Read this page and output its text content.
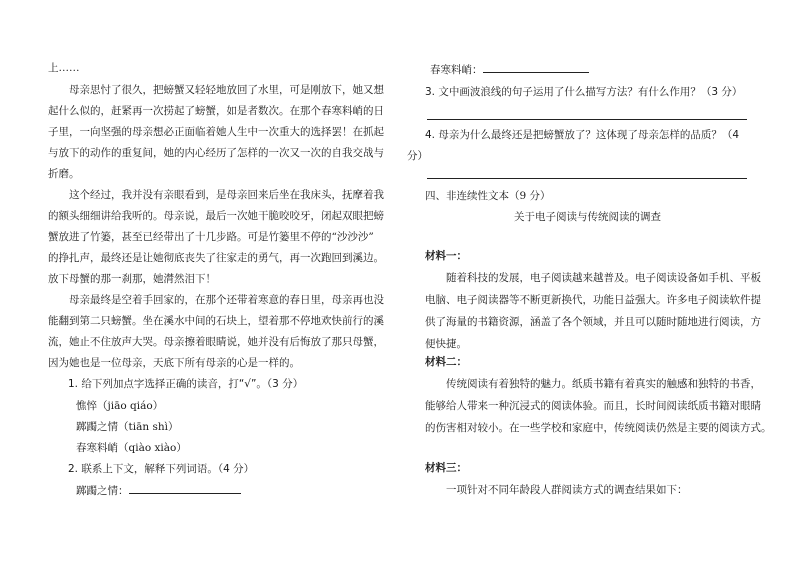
上……
母亲思忖了很久，把螃蟹又轻轻地放回了水里，可是刚放下，她又想
起什么似的，赶紧再一次捞起了螃蟹，如是者数次。在那个春寒料峭的日
子里，一向坚强的母亲想必正面临着她人生中一次重大的选择罢！在抓起
与放下的动作的重复间，她的内心经历了怎样的一次又一次的自我交战与
折磨。
这个经过，我并没有亲眼看到，是母亲回来后坐在我床头，抚摩着我
的额头细细讲给我听的。母亲说，最后一次她干脆咬咬牙，闭起双眼把螃
蟹放进了竹篓，甚至已经带出了十几步路。可是竹篓里不停的“沙沙沙”
的挣扎声，最终还是让她彻底丧失了往家走的勇气，再一次跑回到溪边。
放下母蟹的那一刹那，她潸然泪下！
母亲最终是空着手回家的，在那个还带着寒意的春日里，母亲再也没
能翻到第二只螃蟹。坐在溪水中间的石块上，望着那不停地欢快前行的溪
流，她止不住放声大哭。母亲擦着眼睛说，她并没有后悔放了那只母蟹，
因为她也是一位母亲，天底下所有母亲的心是一样的。
1. 给下列加点字选择正确的读音，打“√”。（3 分）
憔悴（jiāo qiáo）
踯躅之情（tiān shì）
春寒料峭（qiào xiào）
2. 联系上下文，解释下列词语。（4 分）
踯躅之情：
春寒料峭：
3. 文中画波浪线的句子运用了什么描写方法？有什么作用？（3 分）
4. 母亲为什么最终还是把螃蟹放了？这体现了母亲怎样的品质？（4
分）
四、非连续性文本（9 分）
关于电子阅读与传统阅读的调查
材料一：
随着科技的发展，电子阅读越来越普及。电子阅读设备如手机、平板
电脑、电子阅读器等不断更新换代，功能日益强大。许多电子阅读软件提
供了海量的书籍资源，涵盖了各个领域，并且可以随时随地进行阅读，方
便快捷。
材料二：
传统阅读有着独特的魅力。纸质书籍有着真实的触感和独特的书香，
能够给人带来一种沉浸式的阅读体验。而且，长时间阅读纸质书籍对眼睛
的伤害相对较小。在一些学校和家庭中，传统阅读仍然是主要的阅读方式。
材料三：
一项针对不同年龄段人群阅读方式的调查结果如下：
